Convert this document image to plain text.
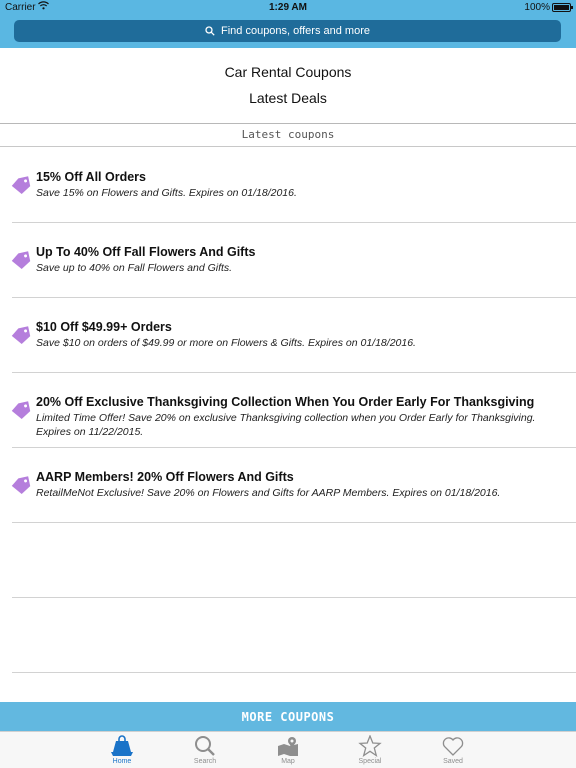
Carrier	1:29 AM	100%
Find coupons, offers and more
Car Rental Coupons
Latest Deals
Latest coupons
15% Off All Orders
Save 15% on Flowers and Gifts. Expires on 01/18/2016.
Up To 40% Off Fall Flowers And Gifts
Save up to 40% on Fall Flowers and Gifts.
$10 Off $49.99+ Orders
Save $10 on orders of $49.99 or more on Flowers & Gifts. Expires on 01/18/2016.
20% Off Exclusive Thanksgiving Collection When You Order Early For Thanksgiving
Limited Time Offer! Save 20% on exclusive Thanksgiving collection when you Order Early for Thanksgiving. Expires on 11/22/2015.
AARP Members! 20% Off Flowers And Gifts
RetailMeNot Exclusive! Save 20% on Flowers and Gifts for AARP Members. Expires on 01/18/2016.
MORE COUPONS
Home	Search	Map	Special	Saved
